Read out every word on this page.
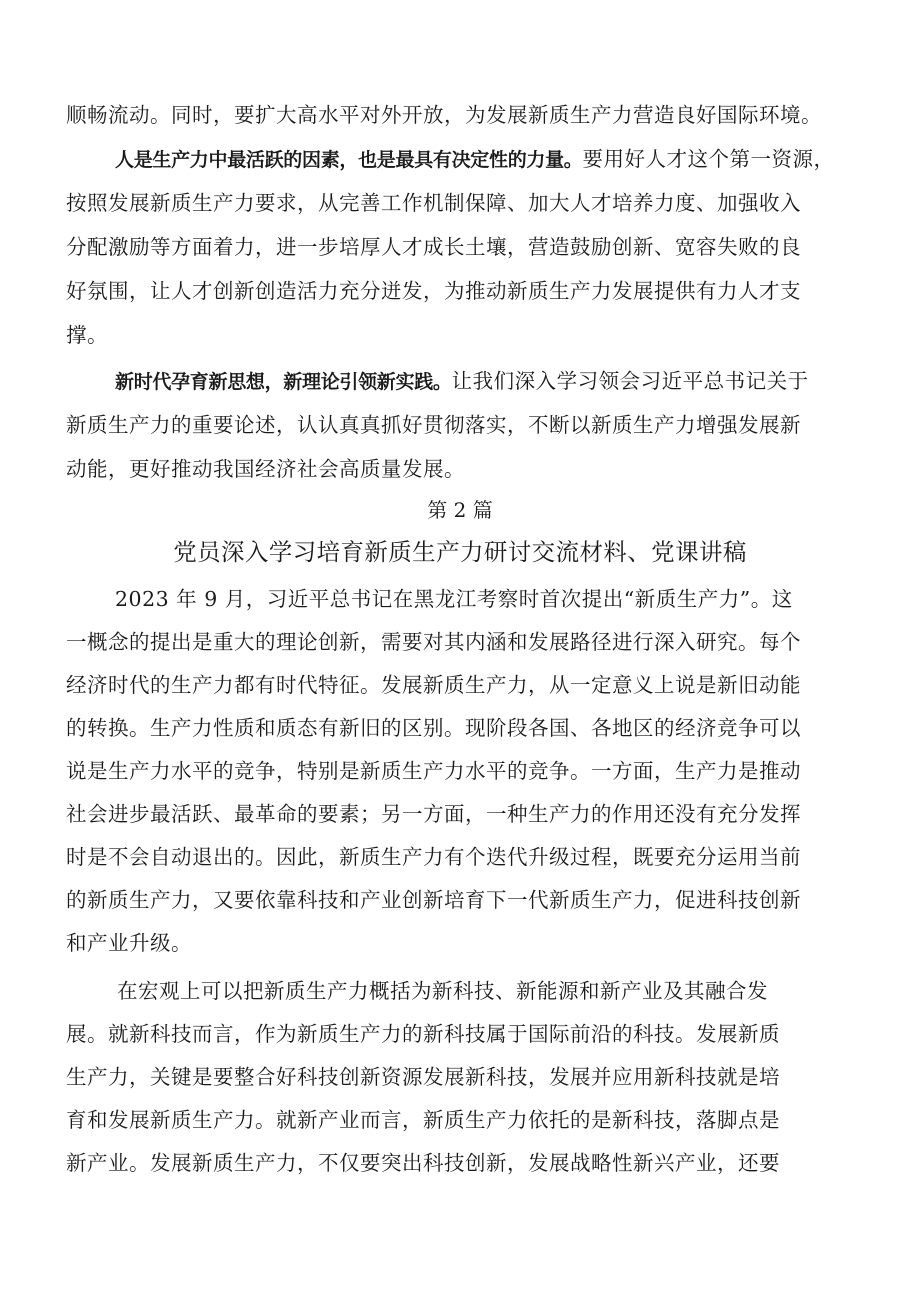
顺畅流动。同时，要扩大高水平对外开放，为发展新质生产力营造良好国际环境。
人是生产力中最活跃的因素，也是最具有决定性的力量。要用好人才这个第一资源，
按照发展新质生产力要求，从完善工作机制保障、加大人才培养力度、加强收入
分配激励等方面着力，进一步培厚人才成长土壤，营造鼓励创新、宽容失败的良
好氛围，让人才创新创造活力充分迸发，为推动新质生产力发展提供有力人才支
撑。
新时代孕育新思想，新理论引领新实践。让我们深入学习领会习近平总书记关于
新质生产力的重要论述，认认真真抓好贯彻落实，不断以新质生产力增强发展新
动能，更好推动我国经济社会高质量发展。
第 2 篇
党员深入学习培育新质生产力研讨交流材料、党课讲稿
2023 年 9 月，习近平总书记在黑龙江考察时首次提出“新质生产力”。这
一概念的提出是重大的理论创新，需要对其内涵和发展路径进行深入研究。每个
经济时代的生产力都有时代特征。发展新质生产力，从一定意义上说是新旧动能
的转换。生产力性质和质态有新旧的区别。现阶段各国、各地区的经济竞争可以
说是生产力水平的竞争，特别是新质生产力水平的竞争。一方面，生产力是推动
社会进步最活跃、最革命的要素；另一方面，一种生产力的作用还没有充分发挥
时是不会自动退出的。因此，新质生产力有个迭代升级过程，既要充分运用当前
的新质生产力，又要依靠科技和产业创新培育下一代新质生产力，促进科技创新
和产业升级。
在宏观上可以把新质生产力概括为新科技、新能源和新产业及其融合发
展。就新科技而言，作为新质生产力的新科技属于国际前沿的科技。发展新质
生产力，关键是要整合好科技创新资源发展新科技，发展并应用新科技就是培
育和发展新质生产力。就新产业而言，新质生产力依托的是新科技，落脚点是
新产业。发展新质生产力，不仅要突出科技创新，发展战略性新兴产业，还要
